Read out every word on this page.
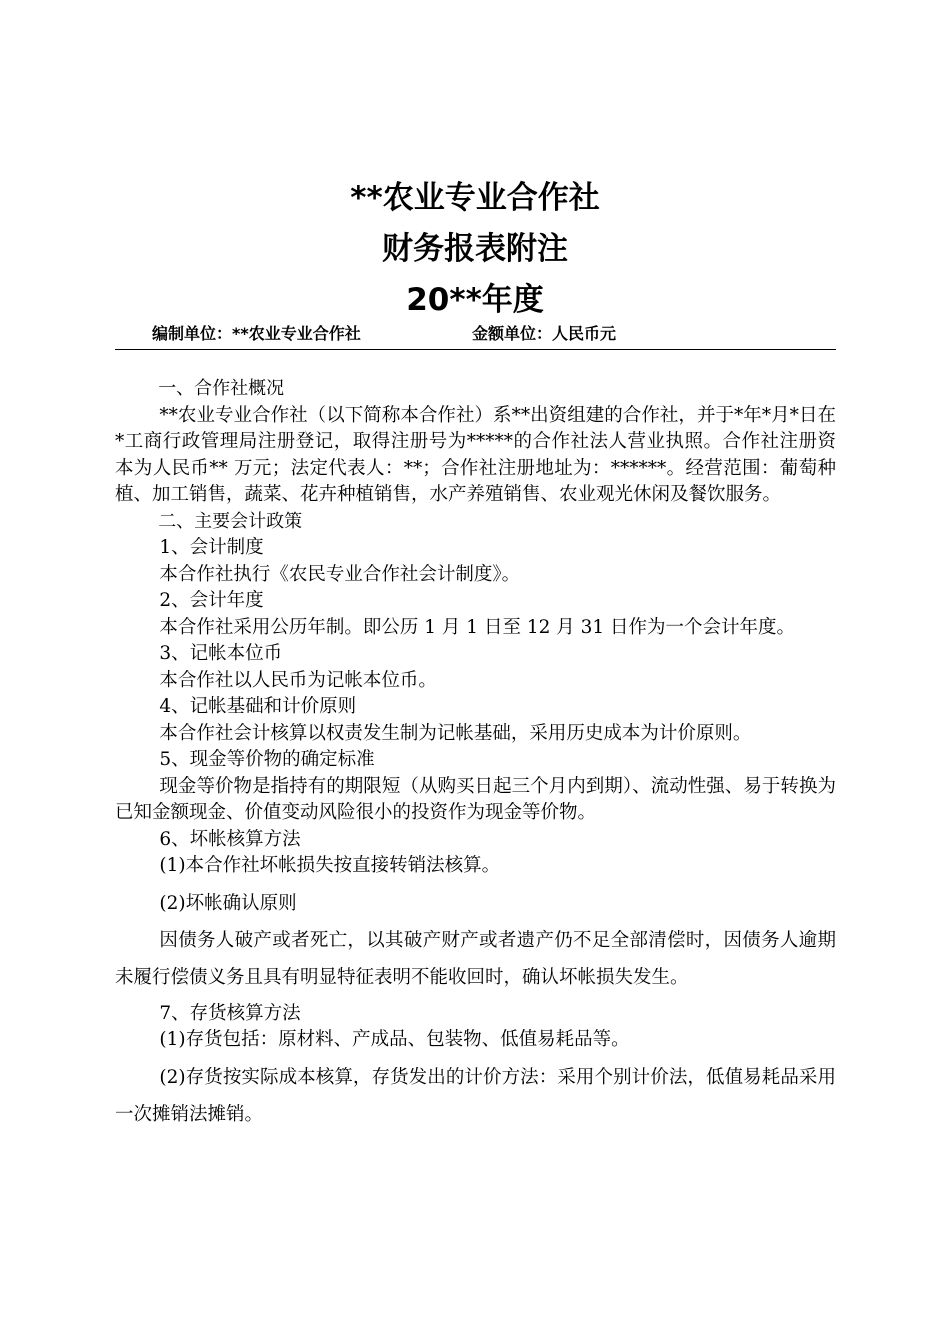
**农业专业合作社
财务报表附注
20**年度
编制单位：**农业专业合作社	金额单位：人民币元

一、合作社概况

**农业专业合作社（以下简称本合作社）系**出资组建的合作社，并于*年*月*日在*工商行政管理局注册登记，取得注册号为*****的合作社法人营业执照。合作社注册资本为人民币** 万元；法定代表人：**；合作社注册地址为：******。经营范围：葡萄种植、加工销售，蔬菜、花卉种植销售，水产养殖销售、农业观光休闲及餐饮服务。

二、主要会计政策

1、会计制度

本合作社执行《农民专业合作社会计制度》。

2、会计年度

本合作社采用公历年制。即公历 1 月 1 日至 12 月 31 日作为一个会计年度。

3、记帐本位币

本合作社以人民币为记帐本位币。

4、记帐基础和计价原则

本合作社会计核算以权责发生制为记帐基础，采用历史成本为计价原则。

5、现金等价物的确定标准

现金等价物是指持有的期限短（从购买日起三个月内到期）、流动性强、易于转换为已知金额现金、价值变动风险很小的投资作为现金等价物。

6、坏帐核算方法

(1)本合作社坏帐损失按直接转销法核算。

(2)坏帐确认原则

因债务人破产或者死亡，以其破产财产或者遗产仍不足全部清偿时，因债务人逾期未履行偿债义务且具有明显特征表明不能收回时，确认坏帐损失发生。

7、存货核算方法

(1)存货包括：原材料、产成品、包装物、低值易耗品等。

(2)存货按实际成本核算，存货发出的计价方法：采用个别计价法，低值易耗品采用一次摊销法摊销。
